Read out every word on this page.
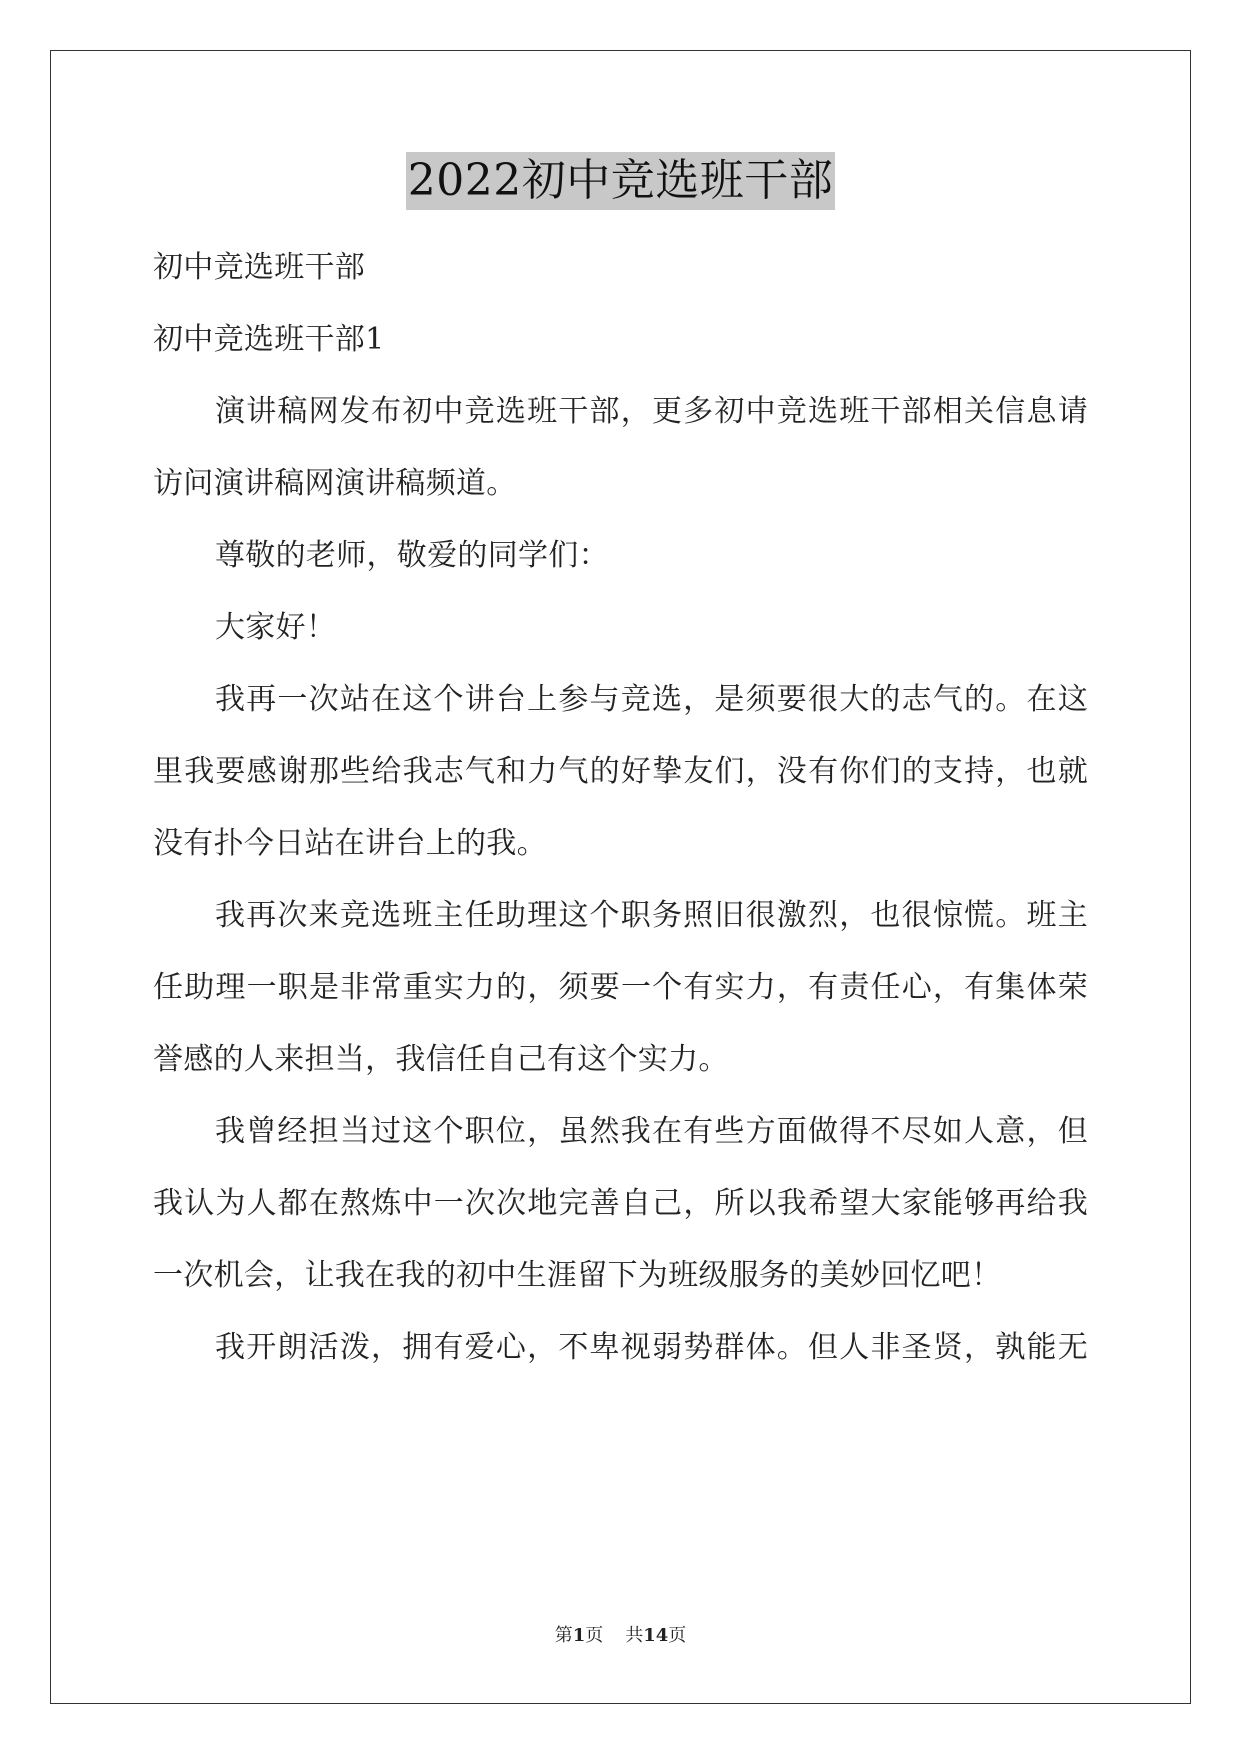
2022初中竞选班干部
初中竞选班干部
初中竞选班干部1
演讲稿网发布初中竞选班干部，更多初中竞选班干部相关信息请
访问演讲稿网演讲稿频道。
尊敬的老师，敬爱的同学们：
大家好！
我再一次站在这个讲台上参与竞选，是须要很大的志气的。在这
里我要感谢那些给我志气和力气的好挚友们，没有你们的支持，也就
没有扑今日站在讲台上的我。
我再次来竞选班主任助理这个职务照旧很激烈，也很惊慌。班主
任助理一职是非常重实力的，须要一个有实力，有责任心，有集体荣
誉感的人来担当，我信任自己有这个实力。
我曾经担当过这个职位，虽然我在有些方面做得不尽如人意，但
我认为人都在熬炼中一次次地完善自己，所以我希望大家能够再给我
一次机会，让我在我的初中生涯留下为班级服务的美妙回忆吧！
我开朗活泼，拥有爱心，不卑视弱势群体。但人非圣贤，孰能无
第1页 共14页
